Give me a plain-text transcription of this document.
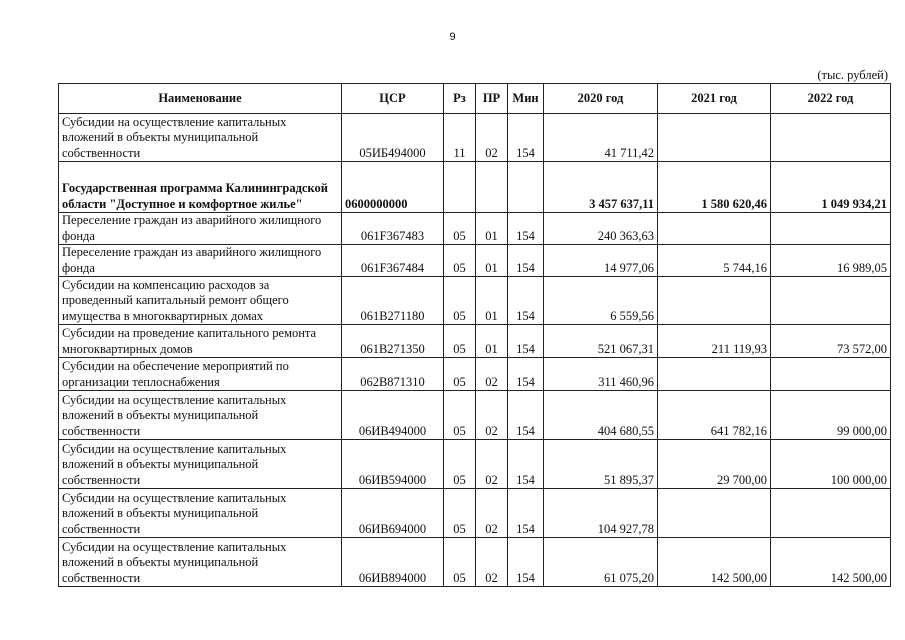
9
(тыс. рублей)
Наименование	ЦСР	Рз	ПР	Мин	2020 год	2021 год	2022 год
Субсидии на осуществление капитальных вложений в объекты муниципальной собственности	05ИБ494000	11	02	154	41 711,42		
Государственная программа Калининградской области "Доступное и комфортное жилье"	0600000000				3 457 637,11	1 580 620,46	1 049 934,21
Переселение граждан из аварийного жилищного фонда	061F367483	05	01	154	240 363,63		
Переселение граждан из аварийного жилищного фонда	061F367484	05	01	154	14 977,06	5 744,16	16 989,05
Субсидии на компенсацию расходов за проведенный капитальный ремонт общего имущества в многоквартирных домах	061B271180	05	01	154	6 559,56		
Субсидии на проведение капитального ремонта многоквартирных домов	061B271350	05	01	154	521 067,31	211 119,93	73 572,00
Субсидии на обеспечение мероприятий по организации теплоснабжения	062B871310	05	02	154	311 460,96		
Субсидии на осуществление капитальных вложений в объекты муниципальной собственности	06ИВ494000	05	02	154	404 680,55	641 782,16	99 000,00
Субсидии на осуществление капитальных вложений в объекты муниципальной собственности	06ИВ594000	05	02	154	51 895,37	29 700,00	100 000,00
Субсидии на осуществление капитальных вложений в объекты муниципальной собственности	06ИВ694000	05	02	154	104 927,78		
Субсидии на осуществление капитальных вложений в объекты муниципальной собственности	06ИВ894000	05	02	154	61 075,20	142 500,00	142 500,00
